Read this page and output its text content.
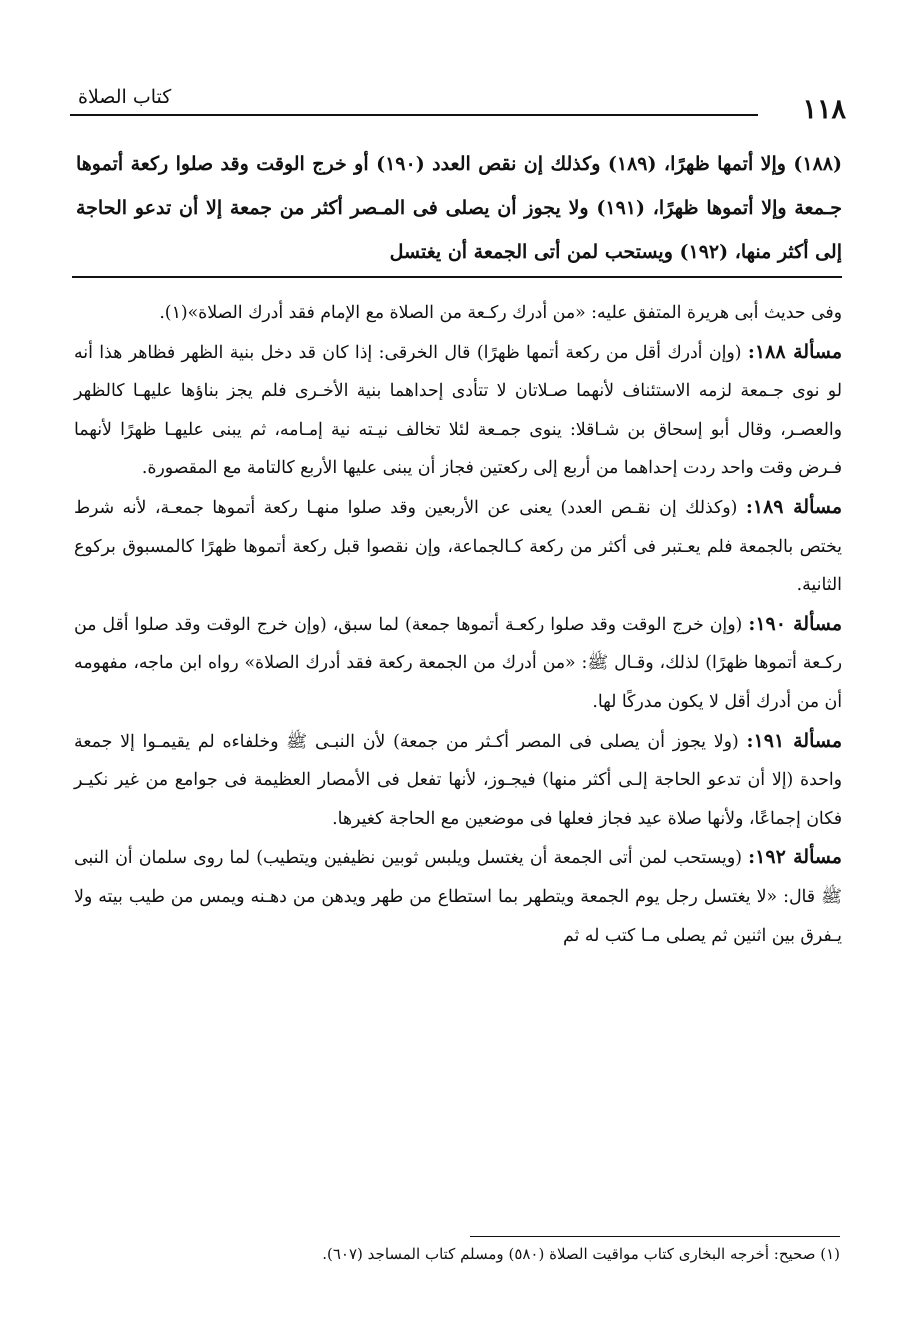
١١٨
كتاب الصلاة
(١٨٨) وإلا أتمها ظهرًا، (١٨٩) وكذلك إن نقص العدد (١٩٠) أو خرج الوقت وقد صلوا ركعة أتموها جـمعة وإلا أتموها ظهرًا، (١٩١) ولا يجوز أن يصلى فى المـصر أكثر من جمعة إلا أن تدعو الحاجة إلى أكثر منها، (١٩٢) ويستحب لمن أتى الجمعة أن يغتسل

وفى حديث أبى هريرة المتفق عليه: «من أدرك ركـعة من الصلاة مع الإمام فقد أدرك الصلاة»(١).

مسألة ١٨٨: (وإن أدرك أقل من ركعة أتمها ظهرًا) قال الخرقى: إذا كان قد دخل بنية الظهر فظاهر هذا أنه لو نوى جـمعة لزمه الاستئناف لأنهما صـلاتان لا تتأدى إحداهما بنية الأخـرى فلم يجز بناؤها عليهـا كالظهر والعصـر، وقال أبو إسحاق بن شـاقلا: ينوى جمـعة لئلا تخالف نيـته نية إمـامه، ثم يبنى عليهـا ظهرًا لأنهما فـرض وقت واحد ردت إحداهما من أربع إلى ركعتين فجاز أن يبنى عليها الأربع كالتامة مع المقصورة.

مسألة ١٨٩: (وكذلك إن نقـص العدد) يعنى عن الأربعين وقد صلوا منهـا ركعة أتموها جمعـة، لأنه شرط يختص بالجمعة فلم يعـتبر فى أكثر من ركعة كـالجماعة، وإن نقصوا قبل ركعة أتموها ظهرًا كالمسبوق بركوع الثانية.

مسألة ١٩٠: (وإن خرج الوقت وقد صلوا ركعـة أتموها جمعة) لما سبق، (وإن خرج الوقت وقد صلوا أقل من ركـعة أتموها ظهرًا) لذلك، وقـال ﷺ: «من أدرك من الجمعة ركعة فقد أدرك الصلاة» رواه ابن ماجه، مفهومه أن من أدرك أقل لا يكون مدركًا لها.

مسألة ١٩١: (ولا يجوز أن يصلى فى المصر أكـثر من جمعة) لأن النبـى ﷺ وخلفاءه لم يقيمـوا إلا جمعة واحدة (إلا أن تدعو الحاجة إلـى أكثر منها) فيجـوز، لأنها تفعل فى الأمصار العظيمة فى جوامع من غير نكيـر فكان إجماعًا، ولأنها صلاة عيد فجاز فعلها فى موضعين مع الحاجة كغيرها.

مسألة ١٩٢: (ويستحب لمن أتى الجمعة أن يغتسل ويلبس ثوبين نظيفين ويتطيب) لما روى سلمان أن النبى ﷺ قال: «لا يغتسل رجل يوم الجمعة ويتطهر بما استطاع من طهر ويدهن من دهـنه ويمس من طيب بيته ولا يـفرق بين اثنين ثم يصلى مـا كتب له ثم

(١) صحيح: أخرجه البخارى كتاب مواقيت الصلاة (٥٨٠) ومسلم كتاب المساجد (٦٠٧).
